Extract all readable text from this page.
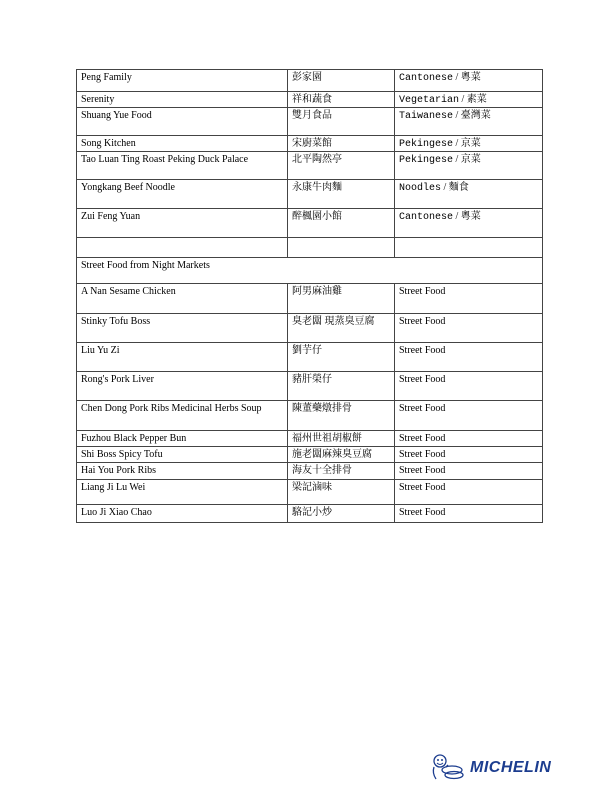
Peng Family	彭家園	Cantonese / 粵菜
Serenity	祥和蔬食	Vegetarian / 素菜
Shuang Yue Food	雙月食品	Taiwanese / 臺灣菜
Song Kitchen	宋廚菜館	Pekingese / 京菜
Tao Luan Ting Roast Peking Duck Palace	北平陶然亭	Pekingese / 京菜
Yongkang Beef Noodle	永康牛肉麵	Noodles / 麵食
Zui Feng Yuan	醉楓園小館	Cantonese / 粵菜

Street Food from Night Markets		
A Nan Sesame Chicken	阿男麻油雞	Street Food
Stinky Tofu Boss	臭老闆 現蒸臭豆腐	Street Food
Liu Yu Zi	劉芋仔	Street Food
Rong's Pork Liver	豬肝榮仔	Street Food
Chen Dong Pork Ribs Medicinal Herbs Soup	陳董藥燉排骨	Street Food
Fuzhou Black Pepper Bun	福州世祖胡椒餅	Street Food
Shi Boss Spicy Tofu	施老闆麻辣臭豆腐	Street Food
Hai You Pork Ribs	海友十全排骨	Street Food
Liang Ji Lu Wei	梁記滷味	Street Food
Luo Ji Xiao Chao	駱記小炒	Street Food
MICHELIN
